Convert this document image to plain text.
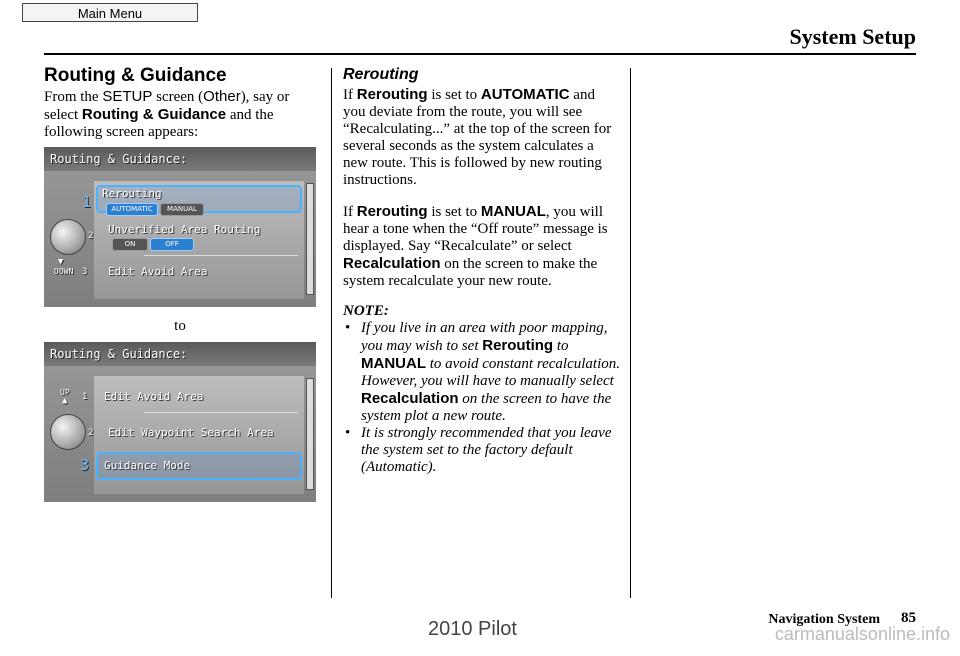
Main Menu
System Setup
Routing & Guidance

From the SETUP screen (Other), say or select Routing & Guidance and the following screen appears:

Routing & Guidance:
1 Rerouting
AUTOMATIC	MANUAL
2 Unverified Area Routing
ON	OFF
▼
DOWN 3 Edit Avoid Area
to
Routing & Guidance:
UP
▲ 1 Edit Avoid Area
2 Edit Waypoint Search Area
3 Guidance Mode
Rerouting

If Rerouting is set to AUTOMATIC and you deviate from the route, you will see “Recalculating...” at the top of the screen for several seconds as the system calculates a new route. This is followed by new routing instructions.

If Rerouting is set to MANUAL, you will hear a tone when the “Off route” message is displayed. Say “Recalculate” or select Recalculation on the screen to make the system recalculate your new route.

NOTE:

• If you live in an area with poor mapping, you may wish to set Rerouting to MANUAL to avoid constant recalculation. However, you will have to manually select Recalculation on the screen to have the system plot a new route.
• It is strongly recommended that you leave the system set to the factory default (Automatic).
Navigation System 85
2010 Pilot	carmanualsonline.info
